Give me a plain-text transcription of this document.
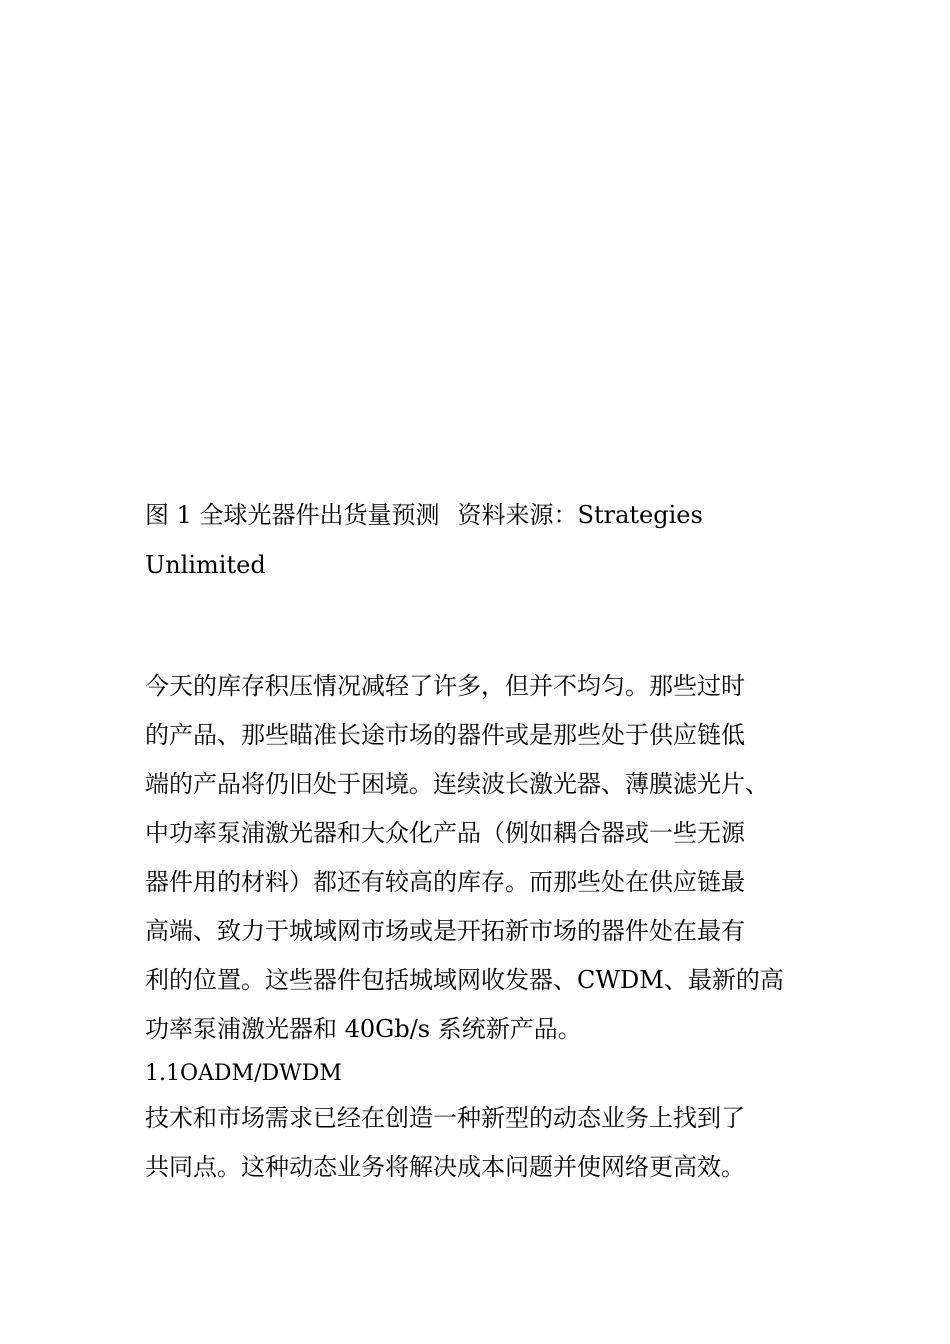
图 1 全球光器件出货量预测 资料来源：Strategies
Unlimited

今天的库存积压情况减轻了许多，但并不均匀。那些过时

的产品、那些瞄准长途市场的器件或是那些处于供应链低

端的产品将仍旧处于困境。连续波长激光器、薄膜滤光片、

中功率泵浦激光器和大众化产品（例如耦合器或一些无源

器件用的材料）都还有较高的库存。而那些处在供应链最

高端、致力于城域网市场或是开拓新市场的器件处在最有

利的位置。这些器件包括城域网收发器、CWDM、最新的高

功率泵浦激光器和 40Gb/s 系统新产品。

1.1OADM/DWDM

技术和市场需求已经在创造一种新型的动态业务上找到了

共同点。这种动态业务将解决成本问题并使网络更高效。
